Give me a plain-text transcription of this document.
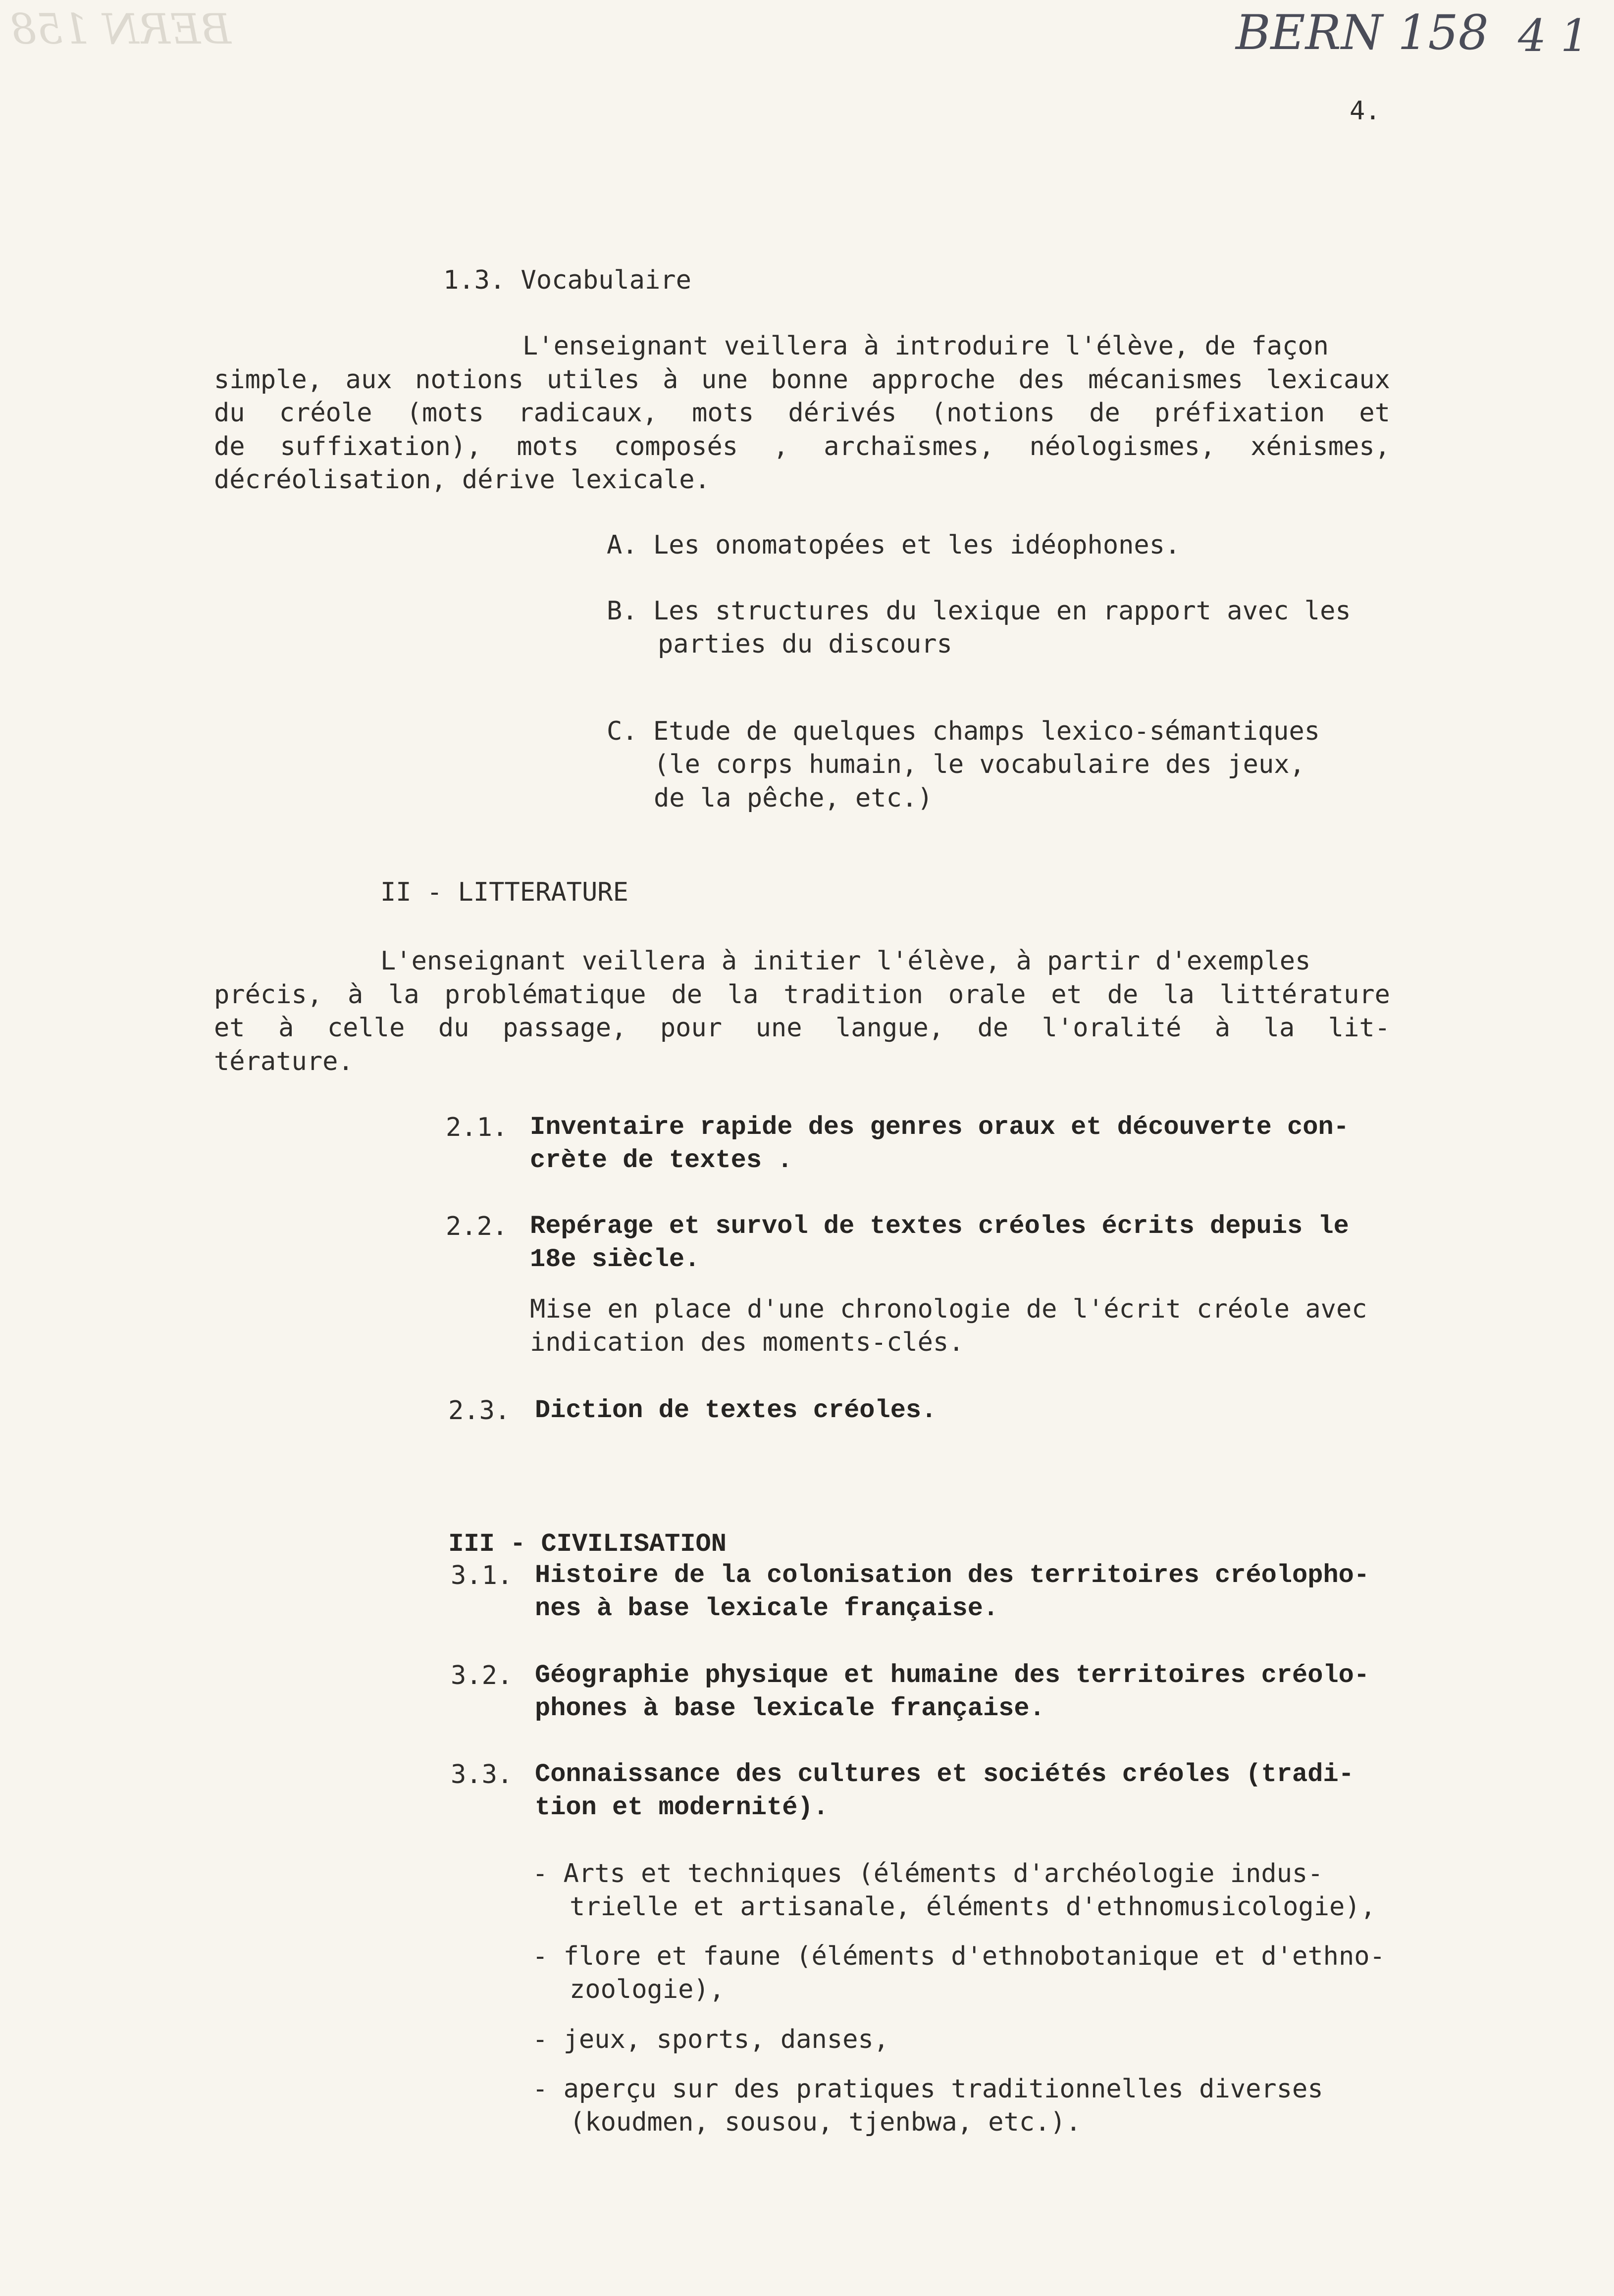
BERN 158	BERN 158 4 1
4.
1.3. Vocabulaire
L'enseignant veillera à introduire l'élève, de façon
simple, aux notions utiles à une bonne approche des mécanismes lexicaux
du créole (mots radicaux, mots dérivés (notions de préfixation et
de suffixation), mots composés , archaïsmes, néologismes, xénismes,
décréolisation, dérive lexicale.
A. Les onomatopées et les idéophones.
B. Les structures du lexique en rapport avec les
parties du discours
C. Etude de quelques champs lexico-sémantiques
(le corps humain, le vocabulaire des jeux,
de la pêche, etc.)
II - LITTERATURE
L'enseignant veillera à initier l'élève, à partir d'exemples
précis, à la problématique de la tradition orale et de la littérature
et à celle du passage, pour une langue, de l'oralité à la lit-
térature.
2.1. Inventaire rapide des genres oraux et découverte con-
crète de textes .
2.2. Repérage et survol de textes créoles écrits depuis le
18e siècle.
Mise en place d'une chronologie de l'écrit créole avec
indication des moments-clés.
2.3. Diction de textes créoles.

III - CIVILISATION

3.1. Histoire de la colonisation des territoires créolopho-
nes à base lexicale française.
3.2. Géographie physique et humaine des territoires créolo-
phones à base lexicale française.
3.3. Connaissance des cultures et sociétés créoles (tradi-
tion et modernité).
- Arts et techniques (éléments d'archéologie indus-
trielle et artisanale, éléments d'ethnomusicologie),
- flore et faune (éléments d'ethnobotanique et d'ethno-
zoologie),
- jeux, sports, danses,
- aperçu sur des pratiques traditionnelles diverses
(koudmen, sousou, tjenbwa, etc.).
